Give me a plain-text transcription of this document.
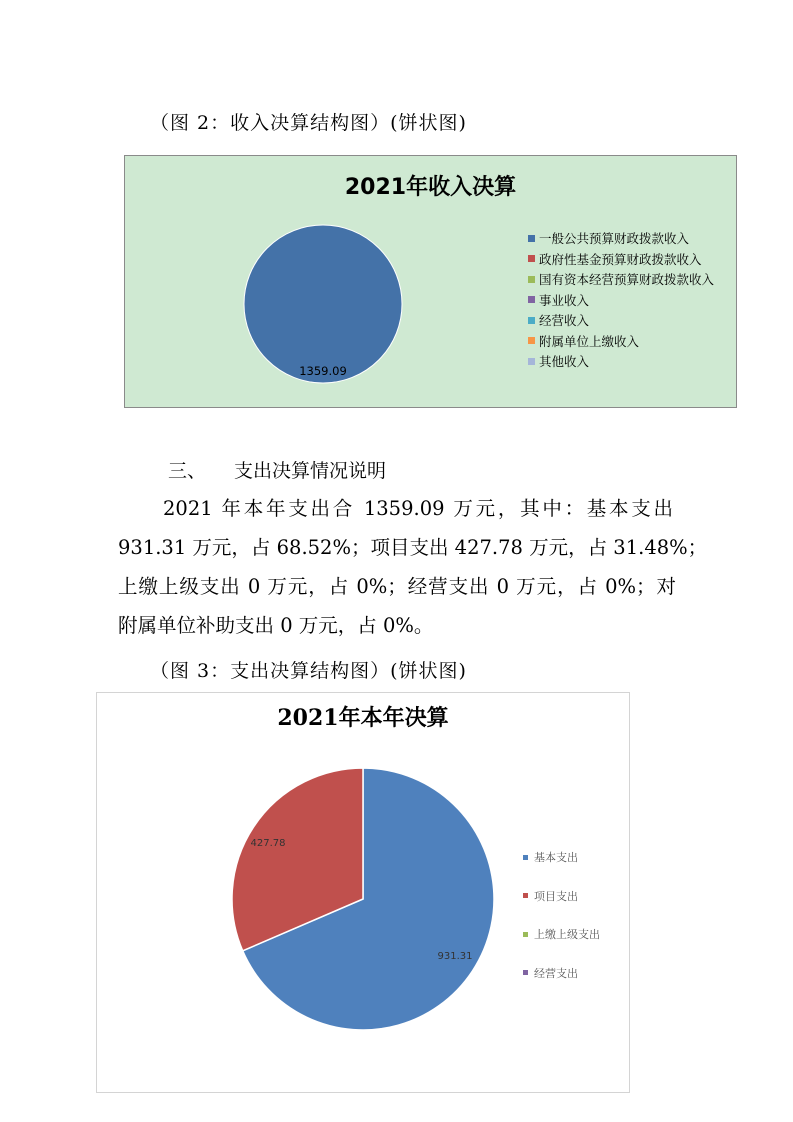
（图 2：收入决算结构图）(饼状图)
1359.09
2021年收入决算
一般公共预算财政拨款收入
政府性基金预算财政拨款收入
国有资本经营预算财政拨款收入
事业收入
经营收入
附属单位上缴收入
其他收入
三、 支出决算情况说明
2021 年本年支出合 1359.09 万元，其中：基本支出
931.31 万元，占 68.52%；项目支出 427.78 万元，占 31.48%；
上缴上级支出 0 万元，占 0%；经营支出 0 万元，占 0%；对
附属单位补助支出 0 万元，占 0%。
（图 3：支出决算结构图）(饼状图)
931.31
427.78
2021年本年决算
基本支出
项目支出
上缴上级支出
经营支出
